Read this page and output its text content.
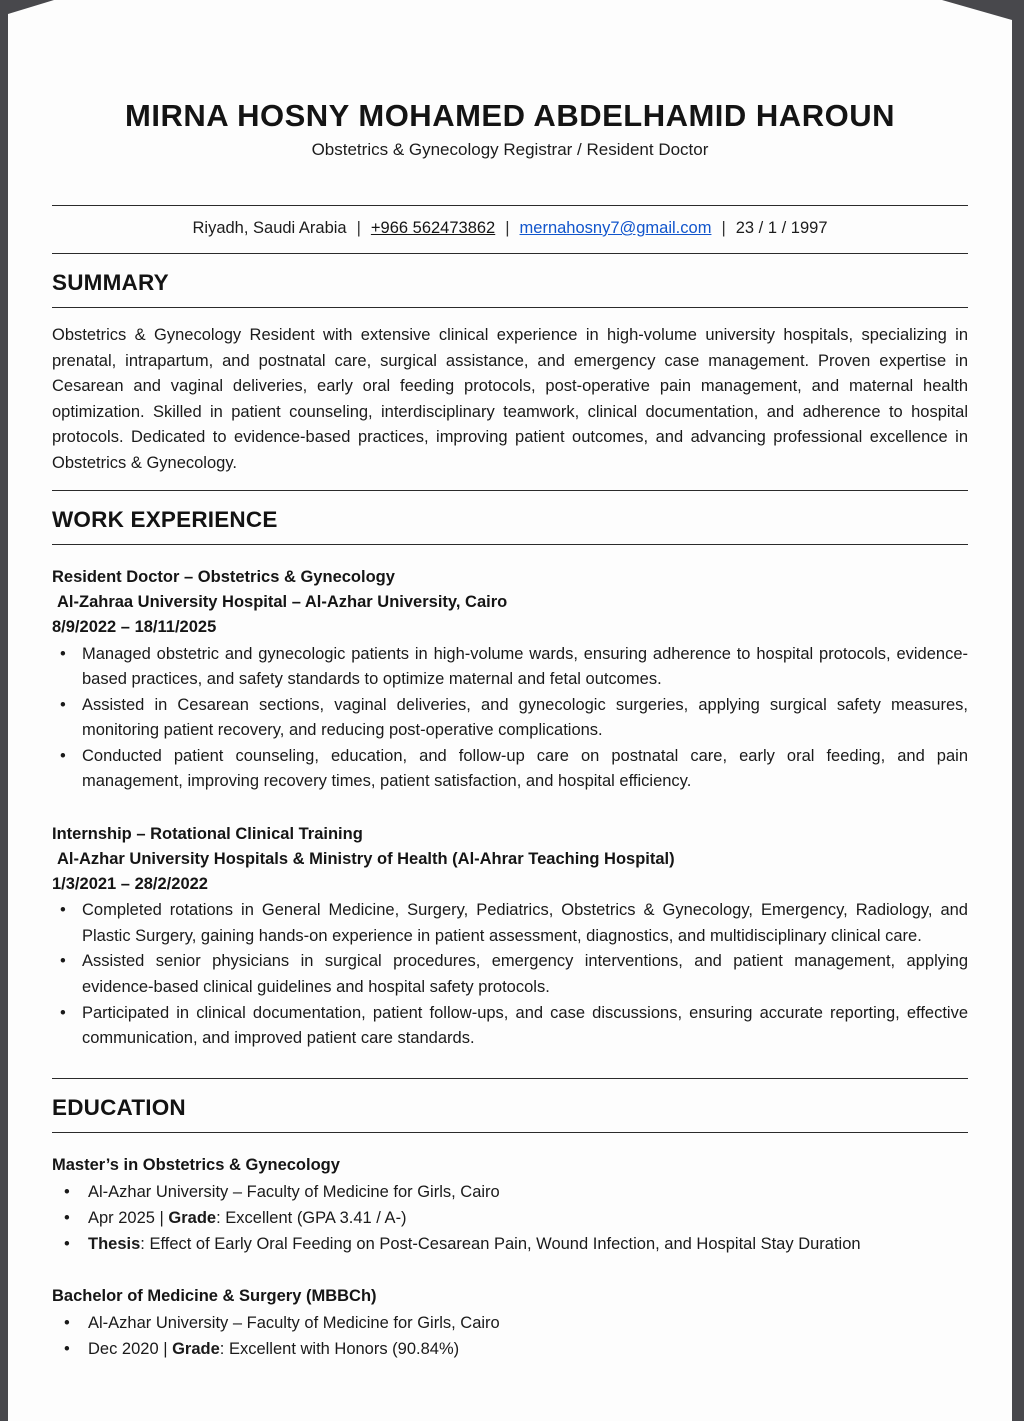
MIRNA HOSNY MOHAMED ABDELHAMID HAROUN
Obstetrics & Gynecology Registrar / Resident Doctor
Riyadh, Saudi Arabia | +966 562473862 | mernahosny7@gmail.com | 23 / 1 / 1997
SUMMARY

Obstetrics & Gynecology Resident with extensive clinical experience in high-volume university hospitals, specializing in prenatal, intrapartum, and postnatal care, surgical assistance, and emergency case management. Proven expertise in Cesarean and vaginal deliveries, early oral feeding protocols, post-operative pain management, and maternal health optimization. Skilled in patient counseling, interdisciplinary teamwork, clinical documentation, and adherence to hospital protocols. Dedicated to evidence-based practices, improving patient outcomes, and advancing professional excellence in Obstetrics & Gynecology.

WORK EXPERIENCE
Resident Doctor – Obstetrics & Gynecology
Al-Zahraa University Hospital – Al-Azhar University, Cairo
8/9/2022 – 18/11/2025
• Managed obstetric and gynecologic patients in high-volume wards, ensuring adherence to hospital protocols, evidence-based practices, and safety standards to optimize maternal and fetal outcomes.
• Assisted in Cesarean sections, vaginal deliveries, and gynecologic surgeries, applying surgical safety measures, monitoring patient recovery, and reducing post-operative complications.
• Conducted patient counseling, education, and follow-up care on postnatal care, early oral feeding, and pain management, improving recovery times, patient satisfaction, and hospital efficiency.
Internship – Rotational Clinical Training
Al-Azhar University Hospitals & Ministry of Health (Al-Ahrar Teaching Hospital)
1/3/2021 – 28/2/2022
• Completed rotations in General Medicine, Surgery, Pediatrics, Obstetrics & Gynecology, Emergency, Radiology, and Plastic Surgery, gaining hands-on experience in patient assessment, diagnostics, and multidisciplinary clinical care.
• Assisted senior physicians in surgical procedures, emergency interventions, and patient management, applying evidence-based clinical guidelines and hospital safety protocols.
• Participated in clinical documentation, patient follow-ups, and case discussions, ensuring accurate reporting, effective communication, and improved patient care standards.
EDUCATION
Master’s in Obstetrics & Gynecology
• Al-Azhar University – Faculty of Medicine for Girls, Cairo
• Apr 2025 | Grade: Excellent (GPA 3.41 / A-)
• Thesis: Effect of Early Oral Feeding on Post-Cesarean Pain, Wound Infection, and Hospital Stay Duration
Bachelor of Medicine & Surgery (MBBCh)
• Al-Azhar University – Faculty of Medicine for Girls, Cairo
• Dec 2020 | Grade: Excellent with Honors (90.84%)
